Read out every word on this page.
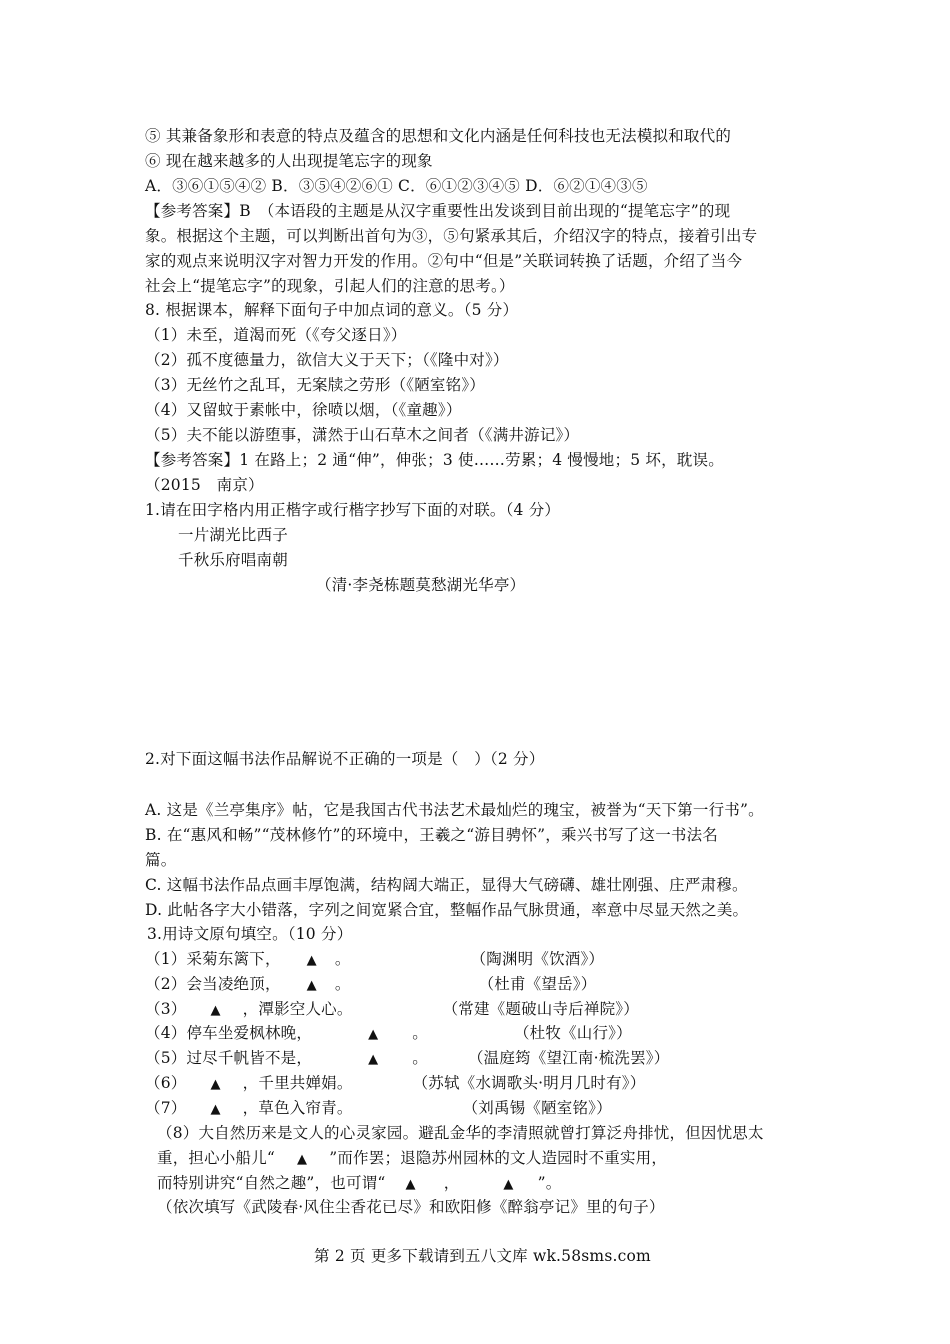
⑤ 其兼备象形和表意的特点及蕴含的思想和文化内涵是任何科技也无法模拟和取代的
⑥ 现在越来越多的人出现提笔忘字的现象
A．③⑥①⑤④② B．③⑤④②⑥① C．⑥①②③④⑤ D．⑥②①④③⑤
【参考答案】B　（本语段的主题是从汉字重要性出发谈到目前出现的“提笔忘字”的现
象。根据这个主题，可以判断出首句为③，⑤句紧承其后，介绍汉字的特点，接着引出专
家的观点来说明汉字对智力开发的作用。②句中“但是”关联词转换了话题，介绍了当今
社会上“提笔忘字”的现象，引起人们的注意的思考。）
8. 根据课本，解释下面句子中加点词的意义。（5 分）
（1）未至，道渴而死（《夸父逐日》）
（2）孤不度德量力，欲信大义于天下；（《隆中对》）
（3）无丝竹之乱耳，无案牍之劳形（《陋室铭》）
（4）又留蚊于素帐中，徐喷以烟，（《童趣》）
（5）夫不能以游堕事，潇然于山石草木之间者（《满井游记》）
【参考答案】1 在路上；2 通“伸”，伸张；3 使……劳累；4 慢慢地；5 坏，耽误。
（2015　南京）
1.请在田字格内用正楷字或行楷字抄写下面的对联。（4 分）
一片湖光比西子
千秋乐府唱南朝
（清·李尧栋题莫愁湖光华亭）
2.对下面这幅书法作品解说不正确的一项是（　）（2 分）
A. 这是《兰亭集序》帖，它是我国古代书法艺术最灿烂的瑰宝，被誉为“天下第一行书”。
B. 在“惠风和畅”“茂林修竹”的环境中，王羲之“游目骋怀”，乘兴书写了这一书法名
篇。
C. 这幅书法作品点画丰厚饱满，结构阔大端正，显得大气磅礴、雄壮刚强、庄严肃穆。
D. 此帖各字大小错落，字列之间宽紧合宜，整幅作品气脉贯通，率意中尽显天然之美。
3.用诗文原句填空。（10 分）
（1）采菊东篱下， ▲ 。	（陶渊明《饮酒》）
（2）会当凌绝顶， ▲ 。	（杜甫《望岳》）
（3） ▲ ，潭影空人心。	（常建《题破山寺后禅院》）
（4）停车坐爱枫林晚，	▲ 。	（杜牧《山行》）
（5）过尽千帆皆不是，	▲ 。	（温庭筠《望江南·梳洗罢》）
（6） ▲ ，千里共婵娟。	（苏轼《水调歌头·明月几时有》）
（7） ▲ ，草色入帘青。	（刘禹锡《陋室铭》）
（8）大自然历来是文人的心灵家园。避乱金华的李清照就曾打算泛舟排忧，但因忧思太
重，担心小船儿“ ▲ ”而作罢；退隐苏州园林的文人造园时不重实用，
而特别讲究“自然之趣”，也可谓“ ▲ ，	▲ ”。
（依次填写《武陵春·风住尘香花已尽》和欧阳修《醉翁亭记》里的句子）
第 2 页 更多下载请到五八文库 wk.58sms.com
